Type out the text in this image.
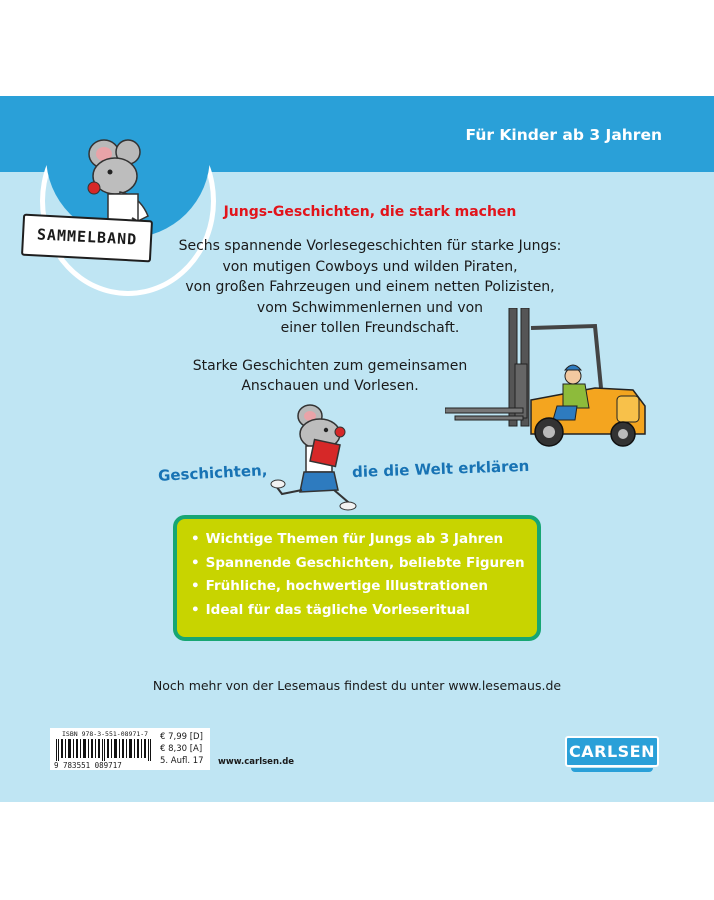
Für Kinder ab 3 Jahren
SAMMELBAND
Jungs-Geschichten, die stark machen
Sechs spannende Vorlesegeschichten für starke Jungs:
von mutigen Cowboys und wilden Piraten,
von großen Fahrzeugen und einem netten Polizisten,
vom Schwimmenlernen und von
einer tollen Freundschaft.
Starke Geschichten zum gemeinsamen
Anschauen und Vorlesen.
Geschichten,	die die Welt erklären
• Wichtige Themen für Jungs ab 3 Jahren
• Spannende Geschichten, beliebte Figuren
• Frühliche, hochwertige Illustrationen
• Ideal für das tägliche Vorleseritual
Noch mehr von der Lesemaus findest du unter www.lesemaus.de
ISBN 978-3-551-08971-7
9 783551 089717
€ 7,99 [D]
€ 8,30 [A]
5. Aufl. 17 www.carlsen.de
CARLSEN
